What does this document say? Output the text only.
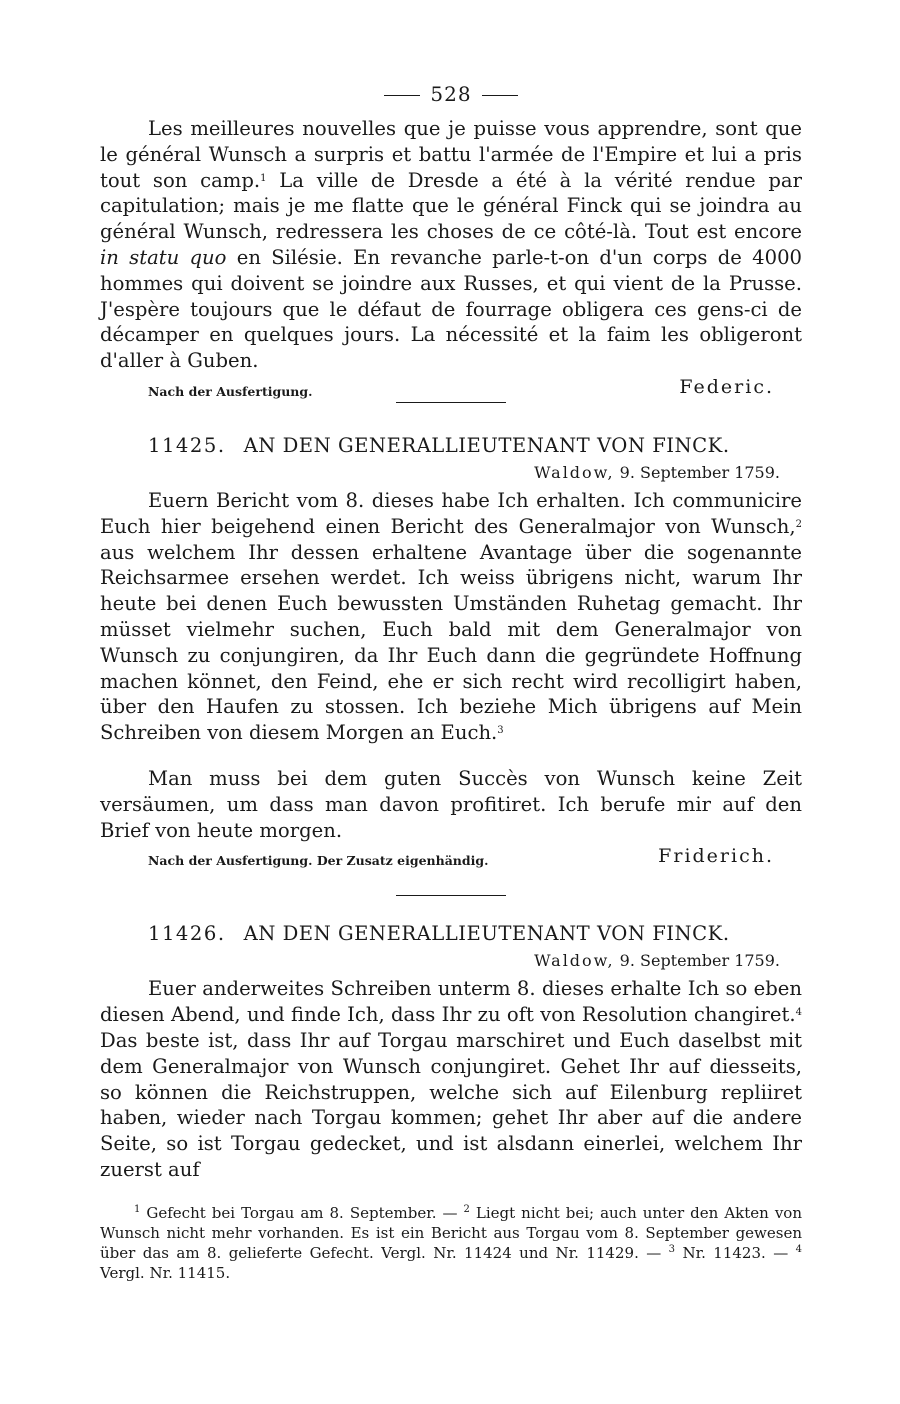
528

Les meilleures nouvelles que je puisse vous apprendre, sont que le général Wunsch a surpris et battu l'armée de l'Empire et lui a pris tout son camp.$^1$ La ville de Dresde a été à la vérité rendue par capitulation; mais je me flatte que le général Finck qui se joindra au général Wunsch, redressera les choses de ce côté-là. Tout est encore in statu quo en Silésie. En revanche parle-t-on d'un corps de 4000 hommes qui doivent se joindre aux Russes, et qui vient de la Prusse. J'espère toujours que le défaut de fourrage obligera ces gens-ci de décamper en quelques jours. La nécessité et la faim les obligeront d'aller à Guben.

Nach der Ausfertigung.	Federic.
11425. AN DEN GENERALLIEUTENANT VON FINCK.
Waldow, 9. September 1759.

Euern Bericht vom 8. dieses habe Ich erhalten. Ich communicire Euch hier beigehend einen Bericht des Generalmajor von Wunsch,$^2$ aus welchem Ihr dessen erhaltene Avantage über die sogenannte Reichsarmee ersehen werdet. Ich weiss übrigens nicht, warum Ihr heute bei denen Euch bewussten Umständen Ruhetag gemacht. Ihr müsset vielmehr suchen, Euch bald mit dem Generalmajor von Wunsch zu conjungiren, da Ihr Euch dann die gegründete Hoffnung machen könnet, den Feind, ehe er sich recht wird recolligirt haben, über den Haufen zu stossen. Ich beziehe Mich übrigens auf Mein Schreiben von diesem Morgen an Euch.$^3$

Man muss bei dem guten Succès von Wunsch keine Zeit versäumen, um dass man davon profitiret. Ich berufe mir auf den Brief von heute morgen.

Nach der Ausfertigung. Der Zusatz eigenhändig.	Friderich.
11426. AN DEN GENERALLIEUTENANT VON FINCK.
Waldow, 9. September 1759.

Euer anderweites Schreiben unterm 8. dieses erhalte Ich so eben diesen Abend, und finde Ich, dass Ihr zu oft von Resolution changiret.$^4$ Das beste ist, dass Ihr auf Torgau marschiret und Euch daselbst mit dem Generalmajor von Wunsch conjungiret. Gehet Ihr auf diesseits, so können die Reichstruppen, welche sich auf Eilenburg repliiret haben, wieder nach Torgau kommen; gehet Ihr aber auf die andere Seite, so ist Torgau gedecket, und ist alsdann einerlei, welchem Ihr zuerst auf

$^1$ Gefecht bei Torgau am 8. September. — $^2$ Liegt nicht bei; auch unter den Akten von Wunsch nicht mehr vorhanden. Es ist ein Bericht aus Torgau vom 8. September gewesen über das am 8. gelieferte Gefecht. Vergl. Nr. 11424 und Nr. 11429. — $^3$ Nr. 11423. — $^4$ Vergl. Nr. 11415.
